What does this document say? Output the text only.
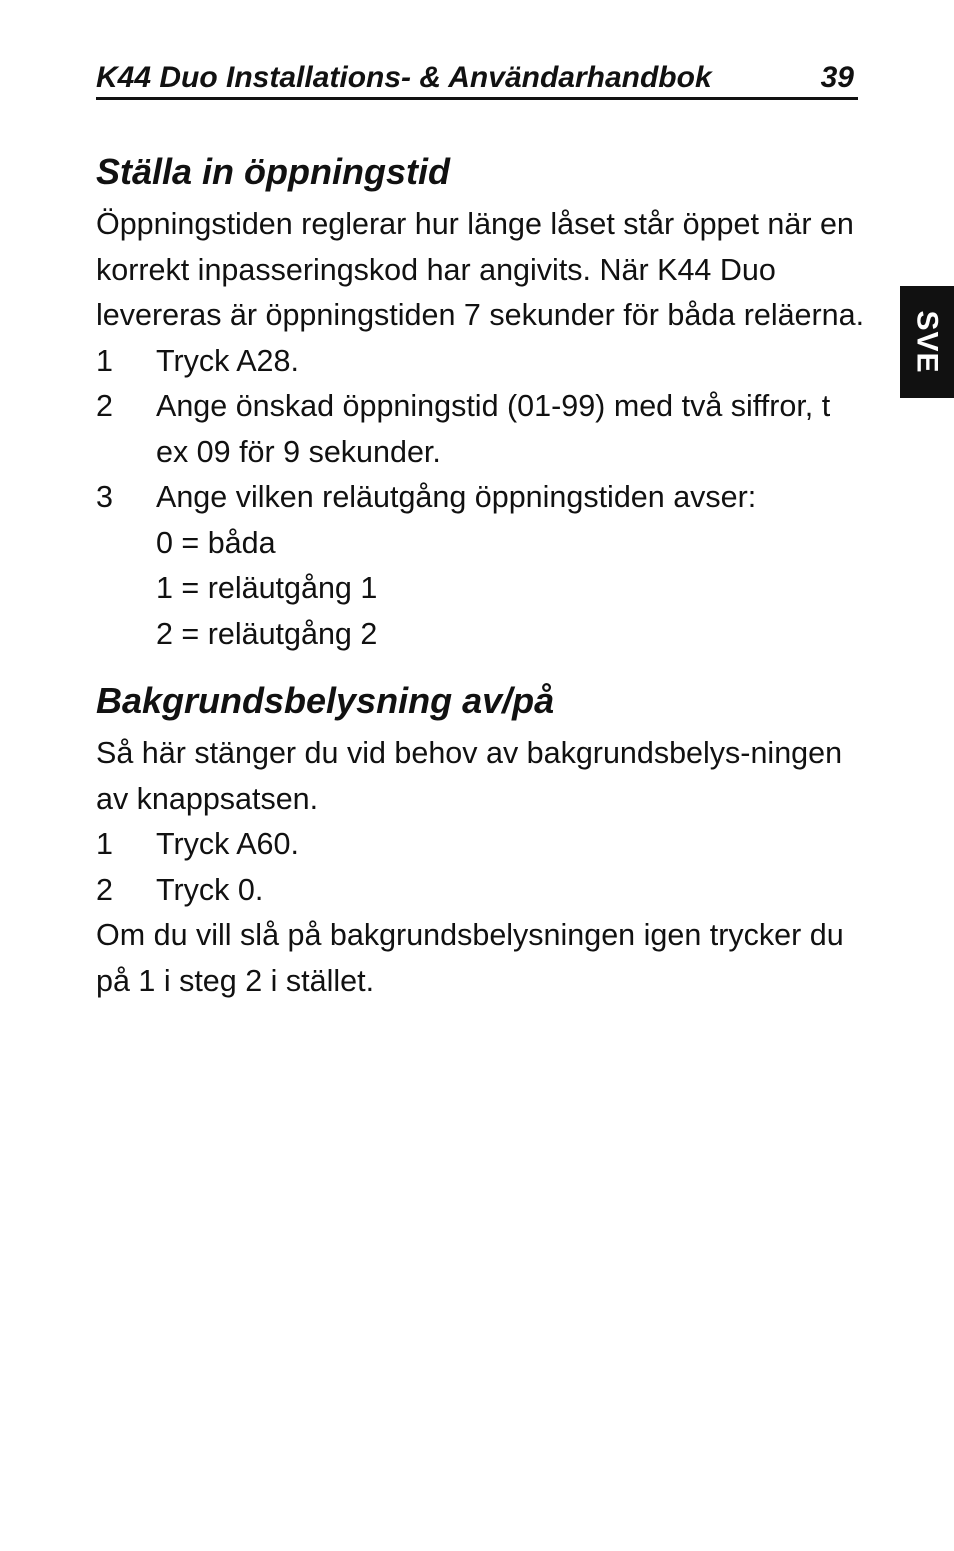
K44 Duo Installations- & Användarhandbok	39
SVE
Ställa in öppningstid

Öppningstiden reglerar hur länge låset står öppet när en korrekt inpasseringskod har angivits. När K44 Duo levereras är öppningstiden 7 sekunder för båda reläerna.

1	Tryck A28.
2	Ange önskad öppningstid (01-99) med två siffror, t ex 09 för 9 sekunder.
3	Ange vilken reläutgång öppningstiden avser:
0 = båda
1 = reläutgång 1
2 = reläutgång 2
Bakgrundsbelysning av/på

Så här stänger du vid behov av bakgrundsbelys-ningen av knappsatsen.

1	Tryck A60.
2	Tryck 0.

Om du vill slå på bakgrundsbelysningen igen trycker du på 1 i steg 2 i stället.
